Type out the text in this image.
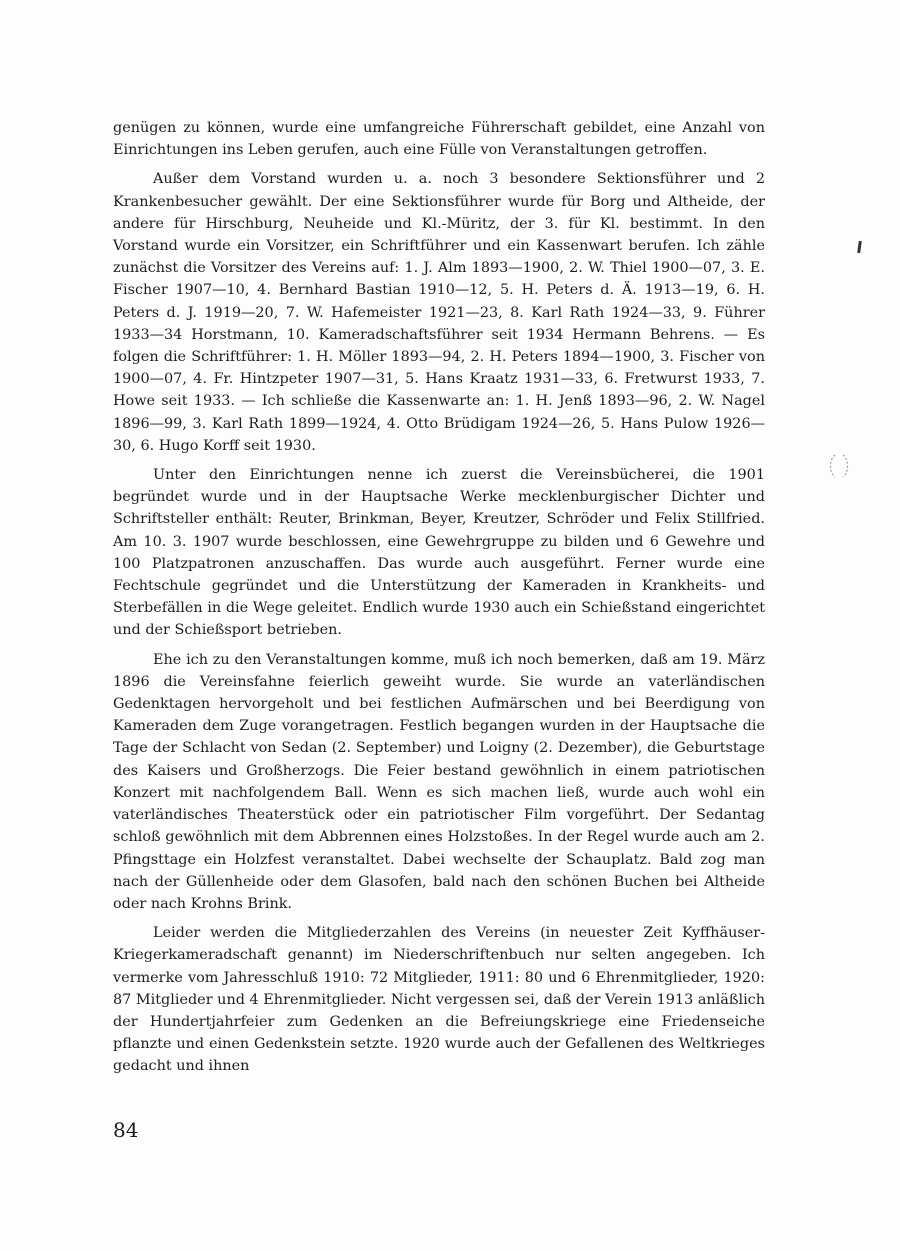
genügen zu können, wurde eine umfangreiche Führerschaft gebildet, eine Anzahl von Einrichtungen ins Leben gerufen, auch eine Fülle von Veranstaltungen getroffen.

Außer dem Vorstand wurden u. a. noch 3 besondere Sektionsführer und 2 Krankenbesucher gewählt. Der eine Sektionsführer wurde für Borg und Altheide, der andere für Hirschburg, Neuheide und Kl.-Müritz, der 3. für Kl. bestimmt. In den Vorstand wurde ein Vorsitzer, ein Schriftführer und ein Kassenwart berufen. Ich zähle zunächst die Vorsitzer des Vereins auf: 1. J. Alm 1893—1900, 2. W. Thiel 1900—07, 3. E. Fischer 1907—10, 4. Bernhard Bastian 1910—12, 5. H. Peters d. Ä. 1913—19, 6. H. Peters d. J. 1919—20, 7. W. Hafemeister 1921—23, 8. Karl Rath 1924—33, 9. Führer 1933—34 Horstmann, 10. Kameradschaftsführer seit 1934 Hermann Behrens. — Es folgen die Schriftführer: 1. H. Möller 1893—94, 2. H. Peters 1894—1900, 3. Fischer von 1900—07, 4. Fr. Hintzpeter 1907—31, 5. Hans Kraatz 1931—33, 6. Fretwurst 1933, 7. Howe seit 1933. — Ich schließe die Kassenwarte an: 1. H. Jenß 1893—96, 2. W. Nagel 1896—99, 3. Karl Rath 1899—1924, 4. Otto Brüdigam 1924—26, 5. Hans Pulow 1926—30, 6. Hugo Korff seit 1930.

Unter den Einrichtungen nenne ich zuerst die Vereinsbücherei, die 1901 begründet wurde und in der Hauptsache Werke mecklenburgischer Dichter und Schriftsteller enthält: Reuter, Brinkman, Beyer, Kreutzer, Schröder und Felix Stillfried. Am 10. 3. 1907 wurde beschlossen, eine Gewehrgruppe zu bilden und 6 Gewehre und 100 Platzpatronen anzuschaffen. Das wurde auch ausgeführt. Ferner wurde eine Fechtschule gegründet und die Unterstützung der Kameraden in Krankheits- und Sterbefällen in die Wege geleitet. Endlich wurde 1930 auch ein Schießstand eingerichtet und der Schießsport betrieben.

Ehe ich zu den Veranstaltungen komme, muß ich noch bemerken, daß am 19. März 1896 die Vereinsfahne feierlich geweiht wurde. Sie wurde an vaterländischen Gedenktagen hervorgeholt und bei festlichen Aufmärschen und bei Beerdigung von Kameraden dem Zuge vorangetragen. Festlich begangen wurden in der Hauptsache die Tage der Schlacht von Sedan (2. September) und Loigny (2. Dezember), die Geburtstage des Kaisers und Großherzogs. Die Feier bestand gewöhnlich in einem patriotischen Konzert mit nachfolgendem Ball. Wenn es sich machen ließ, wurde auch wohl ein vaterländisches Theaterstück oder ein patriotischer Film vorgeführt. Der Sedantag schloß gewöhnlich mit dem Abbrennen eines Holzstoßes. In der Regel wurde auch am 2. Pfingsttage ein Holzfest veranstaltet. Dabei wechselte der Schauplatz. Bald zog man nach der Güllenheide oder dem Glasofen, bald nach den schönen Buchen bei Altheide oder nach Krohns Brink.

Leider werden die Mitgliederzahlen des Vereins (in neuester Zeit Kyffhäuser-Kriegerkameradschaft genannt) im Niederschriftenbuch nur selten angegeben. Ich vermerke vom Jahresschluß 1910: 72 Mitglieder, 1911: 80 und 6 Ehrenmitglieder, 1920: 87 Mitglieder und 4 Ehrenmitglieder. Nicht vergessen sei, daß der Verein 1913 anläßlich der Hundertjahrfeier zum Gedenken an die Befreiungskriege eine Friedenseiche pflanzte und einen Gedenkstein setzte. 1920 wurde auch der Gefallenen des Weltkrieges gedacht und ihnen

84
